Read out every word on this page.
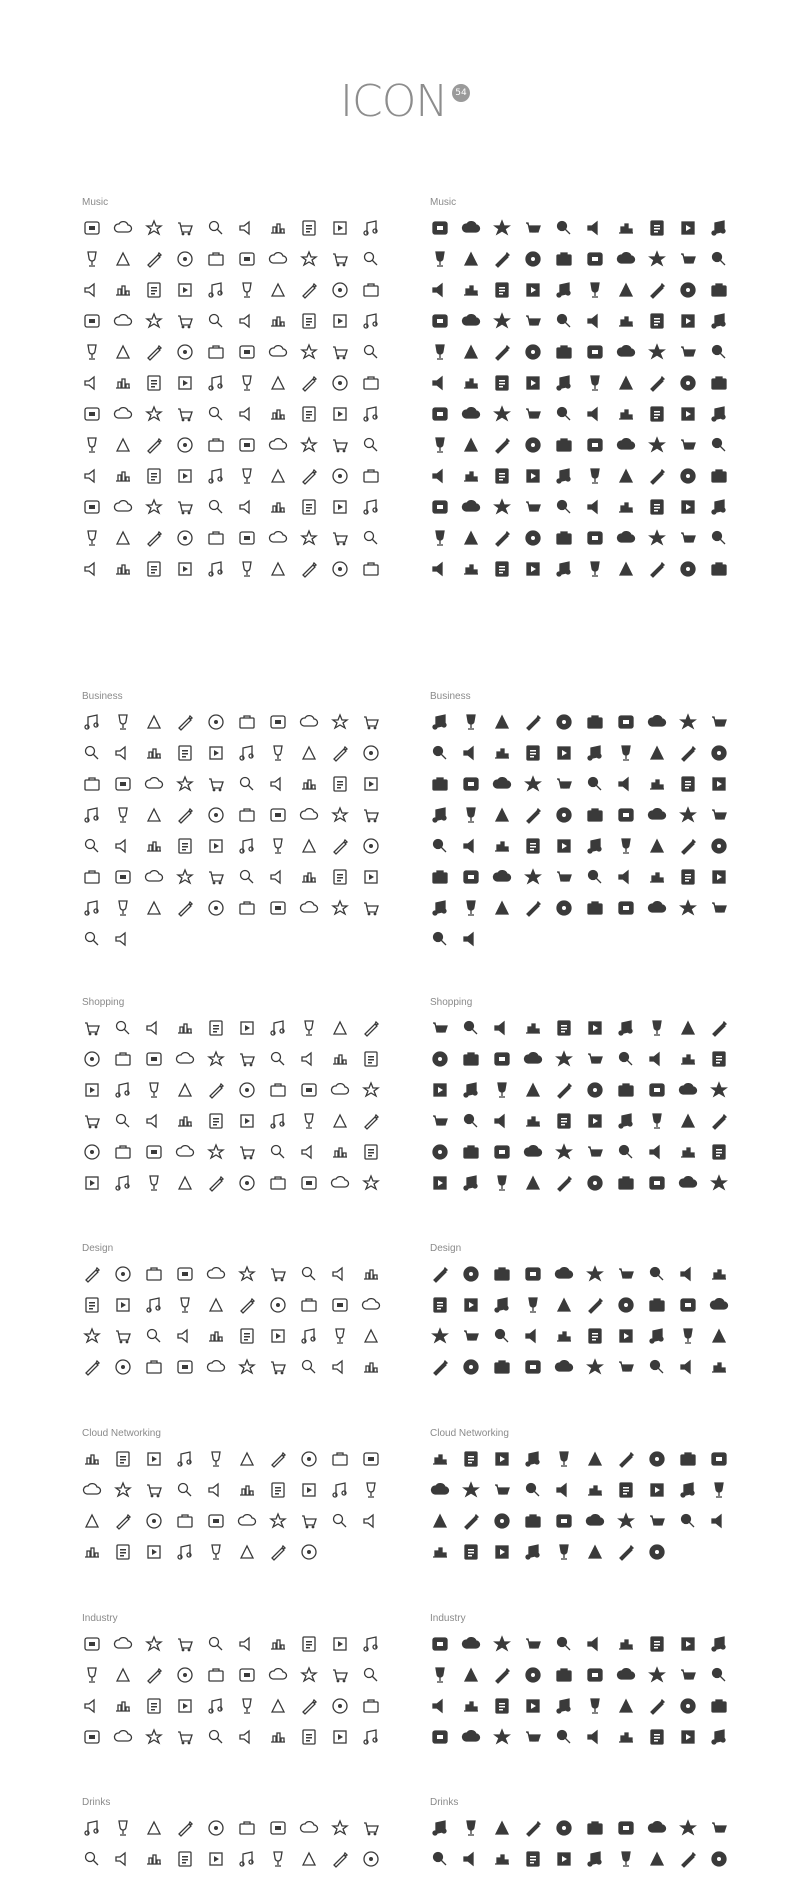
ICON 54
Music	Music
Business	Business
Shopping	Shopping
Design	Design
Cloud Networking	Cloud Networking
Industry	Industry
Drinks	Drinks
